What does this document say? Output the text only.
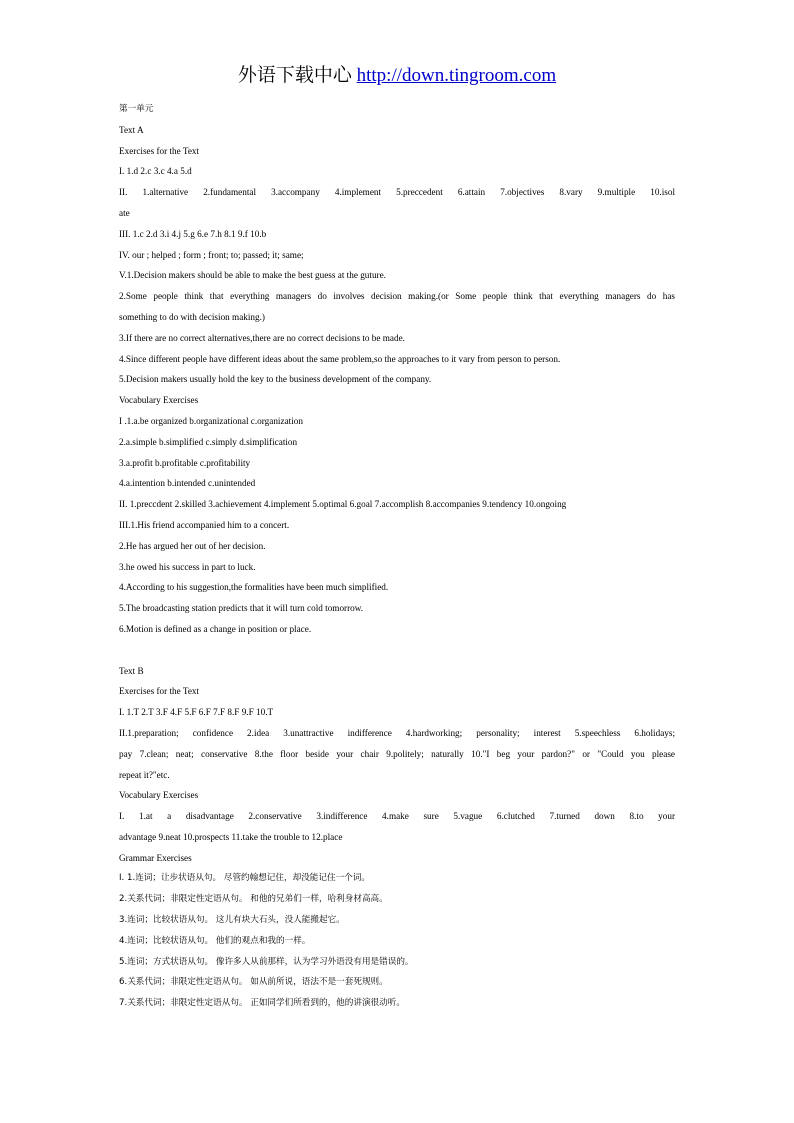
外语下载中心 http://down.tingroom.com
第一单元
Text A
Exercises for the Text
I. 1.d 2.c 3.c 4.a 5.d
II. 1.alternative 2.fundamental 3.accompany 4.implement 5.preccedent 6.attain 7.objectives 8.vary 9.multiple 10.isol
ate
III. 1.c 2.d 3.i 4.j 5.g 6.e 7.h 8.1 9.f 10.b
IV. our ; helped ; form ; front; to; passed; it; same;
V.1.Decision makers should be able to make the best guess at the guture.
2.Some people think that everything managers do involves decision making.(or Some people think that everything managers do has
something to do with decision making.)
3.If there are no correct alternatives,there are no correct decisions to be made.
4.Since different people have different ideas about the same problem,so the approaches to it vary from person to person.
5.Decision makers usually hold the key to the business development of the company.
Vocabulary Exercises
I .1.a.be organized b.organizational c.organization
2.a.simple b.simplified c.simply d.simplification
3.a.profit b.profitable c.profitability
4.a.intention b.intended c.unintended
II. 1.preccdent 2.skilled 3.achievement 4.implement 5.optimal 6.goal 7.accomplish 8.accompanies 9.tendency 10.ongoing
III.1.His friend accompanied him to a concert.
2.He has argued her out of her decision.
3.he owed his success in part to luck.
4.According to his suggestion,the formalities have been much simplified.
5.The broadcasting station predicts that it will turn cold tomorrow.
6.Motion is defined as a change in position or place.
Text B
Exercises for the Text
I. 1.T 2.T 3.F 4.F 5.F 6.F 7.F 8.F 9.F 10.T
II.1.preparation; confidence 2.idea 3.unattractive indifference 4.hardworking; personality; interest 5.speechless 6.holidays;
pay 7.clean; neat; conservative 8.the floor beside your chair 9.politely; naturally 10."I beg your pardon?" or "Could you please
repeat it?"etc.
Vocabulary Exercises
I. 1.at a disadvantage 2.conservative 3.indifference 4.make sure 5.vague 6.clutched 7.turned down 8.to your
advantage 9.neat 10.prospects 11.take the trouble to 12.place
Grammar Exercises
I. 1.连词；让步状语从句。 尽管约翰想记住，却没能记住一个词。
2.关系代词；非限定性定语从句。 和他的兄弟们一样，哈利身材高高。
3.连词；比较状语从句。 这儿有块大石头，没人能搬起它。
4.连词；比较状语从句。 他们的观点和我的一样。
5.连词；方式状语从句。 像许多人从前那样，认为学习外语没有用是错误的。
6.关系代词；非限定性定语从句。 如从前所说，语法不是一套死规则。
7.关系代词；非限定性定语从句。 正如同学们所看到的，他的讲演很动听。
